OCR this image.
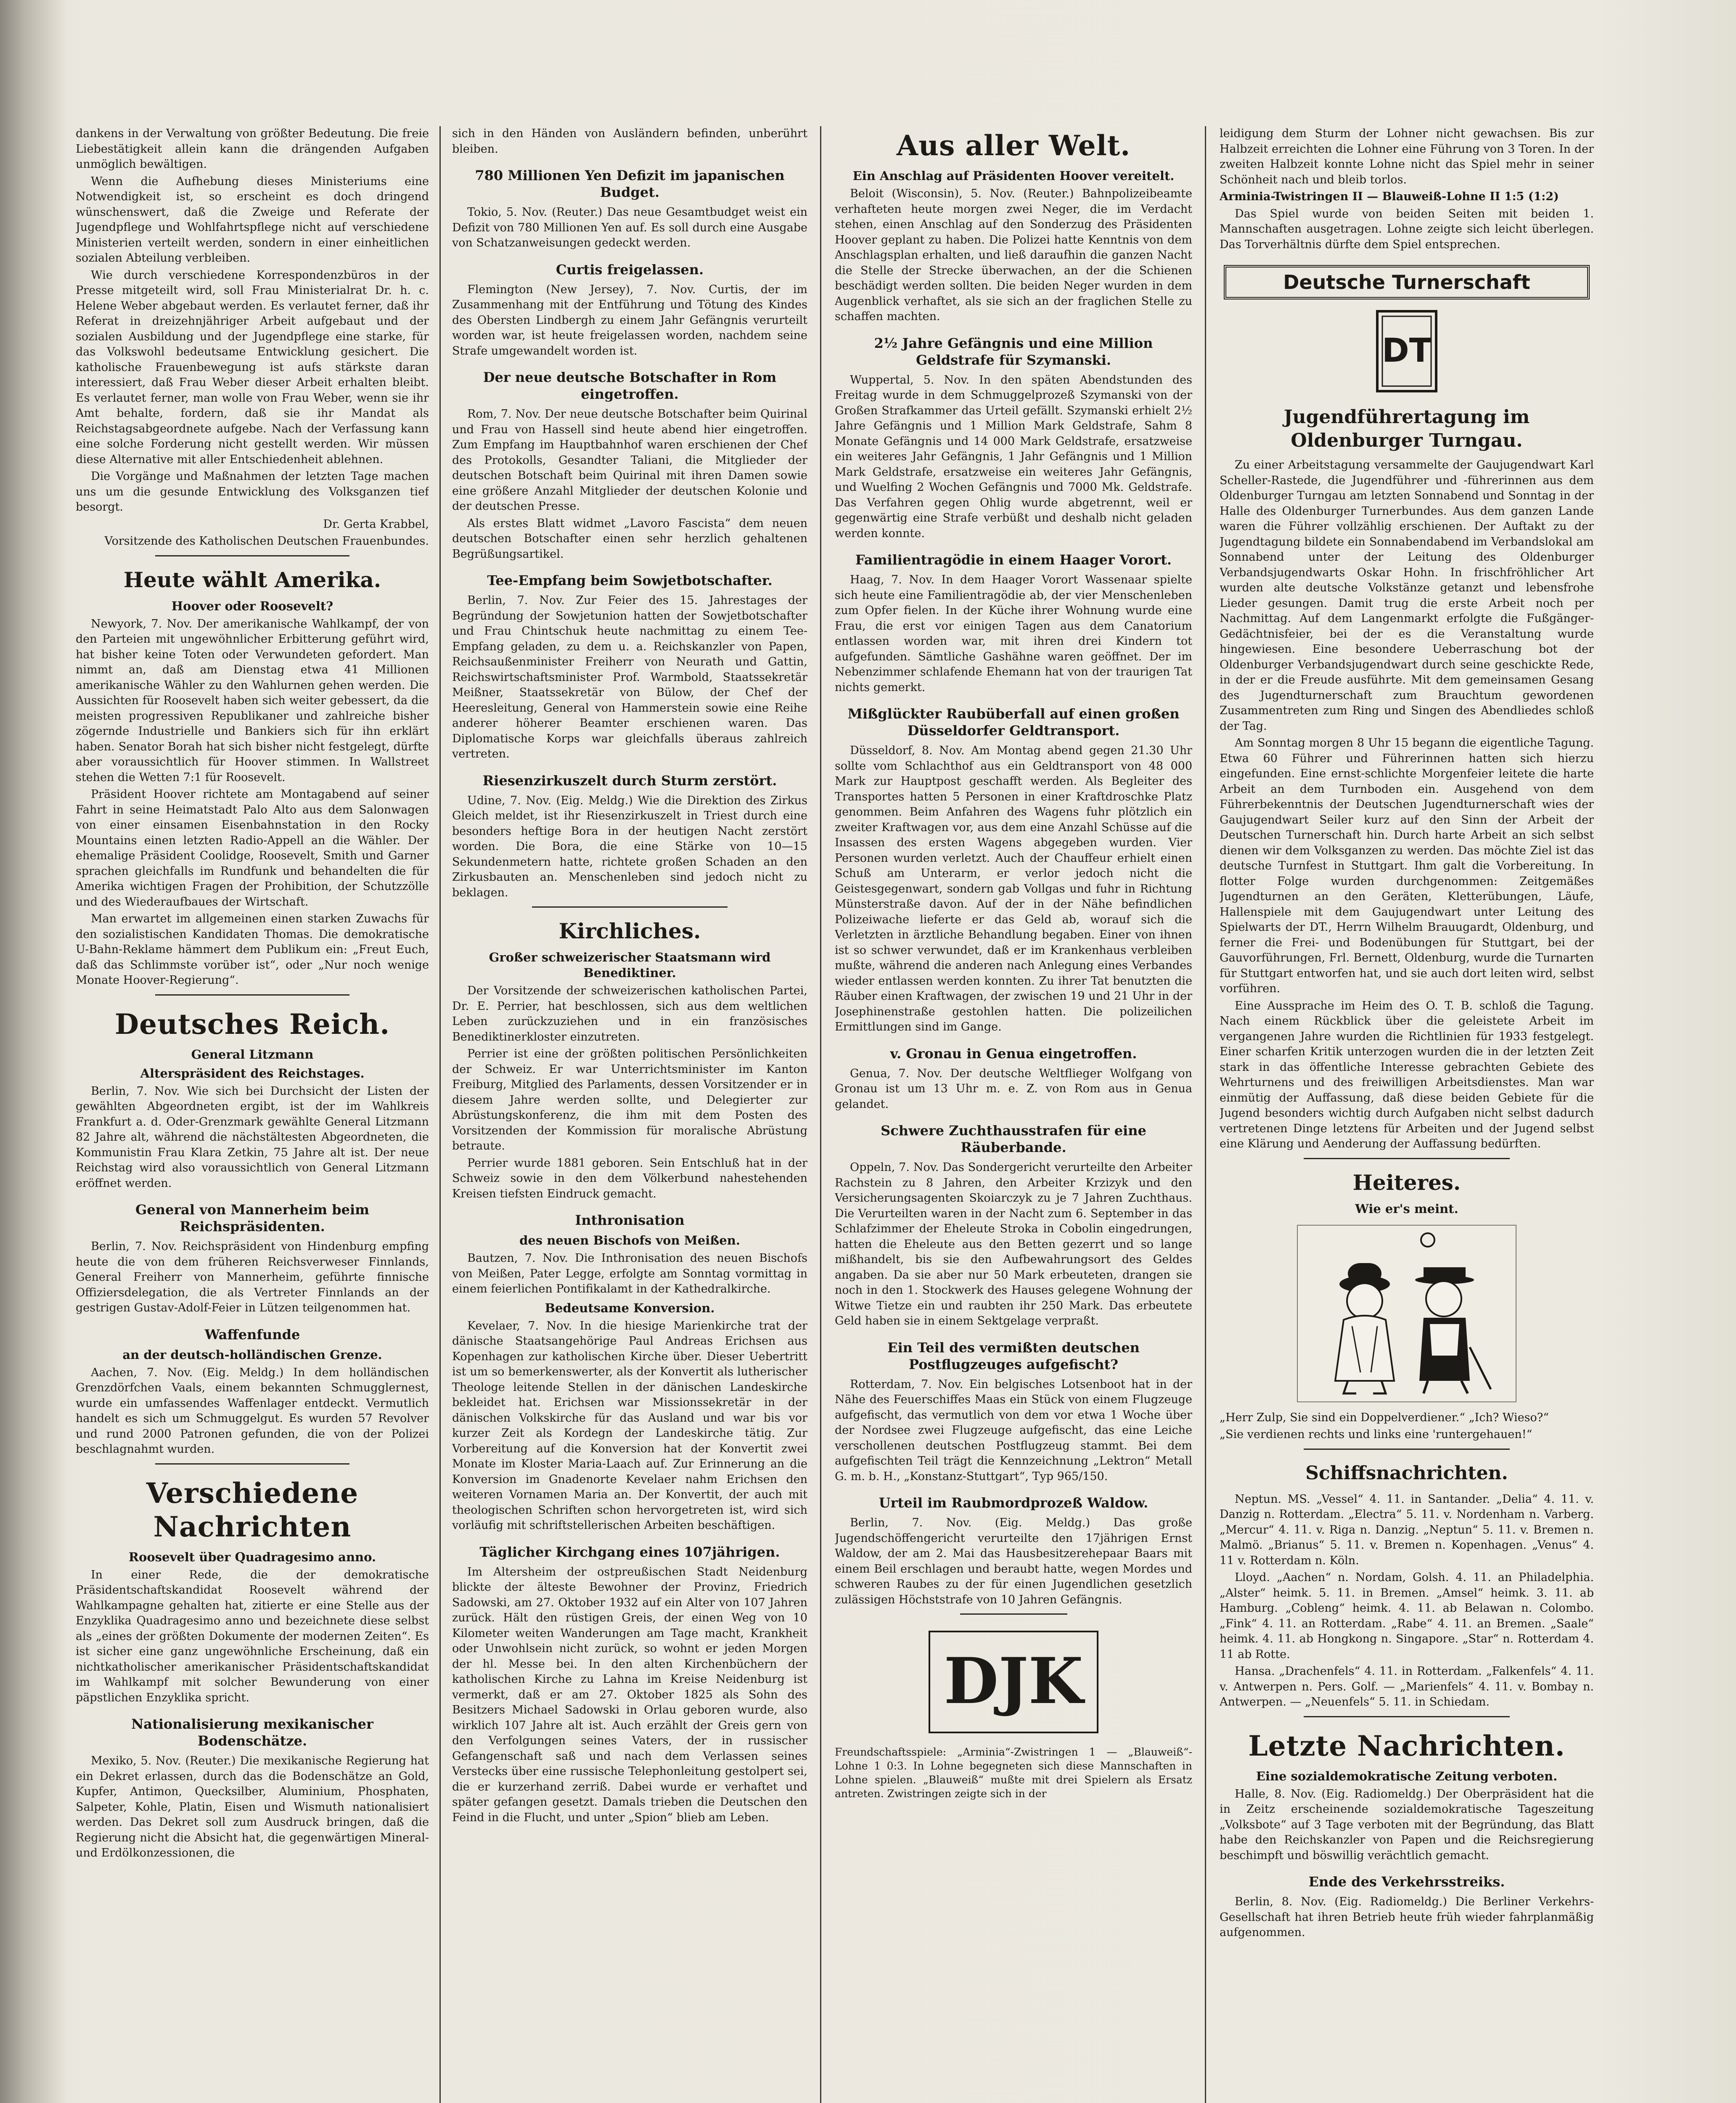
dankens in der Verwaltung von größter Bedeutung. Die freie Liebestätigkeit allein kann die drängenden Aufgaben unmöglich bewältigen.

Wenn die Aufhebung dieses Ministeriums eine Notwendigkeit ist, so erscheint es doch dringend wünschenswert, daß die Zweige und Referate der Jugendpflege und Wohlfahrtspflege nicht auf verschiedene Ministerien verteilt werden, sondern in einer einheitlichen sozialen Abteilung verbleiben.

Wie durch verschiedene Korrespondenzbüros in der Presse mitgeteilt wird, soll Frau Ministerialrat Dr. h. c. Helene Weber abgebaut werden. Es verlautet ferner, daß ihr Referat in dreizehnjähriger Arbeit aufgebaut und der sozialen Ausbildung und der Jugendpflege eine starke, für das Volkswohl bedeutsame Entwicklung gesichert. Die katholische Frauenbewegung ist aufs stärkste daran interessiert, daß Frau Weber dieser Arbeit erhalten bleibt. Es verlautet ferner, man wolle von Frau Weber, wenn sie ihr Amt behalte, fordern, daß sie ihr Mandat als Reichstagsabgeordnete aufgebe. Nach der Verfassung kann eine solche Forderung nicht gestellt werden. Wir müssen diese Alternative mit aller Entschiedenheit ablehnen.

Die Vorgänge und Maßnahmen der letzten Tage machen uns um die gesunde Entwicklung des Volksganzen tief besorgt.

Dr. Gerta Krabbel,

Vorsitzende des Katholischen Deutschen Frauenbundes.

Heute wählt Amerika.
Hoover oder Roosevelt?

Newyork, 7. Nov. Der amerikanische Wahlkampf, der von den Parteien mit ungewöhnlicher Erbitterung geführt wird, hat bisher keine Toten oder Verwundeten gefordert. Man nimmt an, daß am Dienstag etwa 41 Millionen amerikanische Wähler zu den Wahlurnen gehen werden. Die Aussichten für Roosevelt haben sich weiter gebessert, da die meisten progressiven Republikaner und zahlreiche bisher zögernde Industrielle und Bankiers sich für ihn erklärt haben. Senator Borah hat sich bisher nicht festgelegt, dürfte aber voraussichtlich für Hoover stimmen. In Wallstreet stehen die Wetten 7:1 für Roosevelt.

Präsident Hoover richtete am Montagabend auf seiner Fahrt in seine Heimatstadt Palo Alto aus dem Salonwagen von einer einsamen Eisenbahnstation in den Rocky Mountains einen letzten Radio-Appell an die Wähler. Der ehemalige Präsident Coolidge, Roosevelt, Smith und Garner sprachen gleichfalls im Rundfunk und behandelten die für Amerika wichtigen Fragen der Prohibition, der Schutzzölle und des Wiederaufbaues der Wirtschaft.

Man erwartet im allgemeinen einen starken Zuwachs für den sozialistischen Kandidaten Thomas. Die demokratische U-Bahn-Reklame hämmert dem Publikum ein: „Freut Euch, daß das Schlimmste vorüber ist“, oder „Nur noch wenige Monate Hoover-Regierung“.

Deutsches Reich.
General Litzmann
Alterspräsident des Reichstages.

Berlin, 7. Nov. Wie sich bei Durchsicht der Listen der gewählten Abgeordneten ergibt, ist der im Wahlkreis Frankfurt a. d. Oder-Grenzmark gewählte General Litzmann 82 Jahre alt, während die nächstältesten Abgeordneten, die Kommunistin Frau Klara Zetkin, 75 Jahre alt ist. Der neue Reichstag wird also voraussichtlich von General Litzmann eröffnet werden.

General von Mannerheim beim Reichspräsidenten.

Berlin, 7. Nov. Reichspräsident von Hindenburg empfing heute die von dem früheren Reichsverweser Finnlands, General Freiherr von Mannerheim, geführte finnische Offiziersdelegation, die als Vertreter Finnlands an der gestrigen Gustav-Adolf-Feier in Lützen teilgenommen hat.

Waffenfunde
an der deutsch-holländischen Grenze.

Aachen, 7. Nov. (Eig. Meldg.) In dem holländischen Grenzdörfchen Vaals, einem bekannten Schmugglernest, wurde ein umfassendes Waffenlager entdeckt. Vermutlich handelt es sich um Schmuggelgut. Es wurden 57 Revolver und rund 2000 Patronen gefunden, die von der Polizei beschlagnahmt wurden.

Verschiedene Nachrichten
Roosevelt über Quadragesimo anno.

In einer Rede, die der demokratische Präsidentschaftskandidat Roosevelt während der Wahlkampagne gehalten hat, zitierte er eine Stelle aus der Enzyklika Quadragesimo anno und bezeichnete diese selbst als „eines der größten Dokumente der modernen Zeiten“. Es ist sicher eine ganz ungewöhnliche Erscheinung, daß ein nichtkatholischer amerikanischer Präsidentschaftskandidat im Wahlkampf mit solcher Bewunderung von einer päpstlichen Enzyklika spricht.

Nationalisierung mexikanischer Bodenschätze.

Mexiko, 5. Nov. (Reuter.) Die mexikanische Regierung hat ein Dekret erlassen, durch das die Bodenschätze an Gold, Kupfer, Antimon, Quecksilber, Aluminium, Phosphaten, Salpeter, Kohle, Platin, Eisen und Wismuth nationalisiert werden. Das Dekret soll zum Ausdruck bringen, daß die Regierung nicht die Absicht hat, die gegenwärtigen Mineral- und Erdölkonzessionen, die

sich in den Händen von Ausländern befinden, unberührt bleiben.

780 Millionen Yen Defizit im japanischen Budget.

Tokio, 5. Nov. (Reuter.) Das neue Gesamtbudget weist ein Defizit von 780 Millionen Yen auf. Es soll durch eine Ausgabe von Schatzanweisungen gedeckt werden.

Curtis freigelassen.

Flemington (New Jersey), 7. Nov. Curtis, der im Zusammenhang mit der Entführung und Tötung des Kindes des Obersten Lindbergh zu einem Jahr Gefängnis verurteilt worden war, ist heute freigelassen worden, nachdem seine Strafe umgewandelt worden ist.

Der neue deutsche Botschafter in Rom eingetroffen.

Rom, 7. Nov. Der neue deutsche Botschafter beim Quirinal und Frau von Hassell sind heute abend hier eingetroffen. Zum Empfang im Hauptbahnhof waren erschienen der Chef des Protokolls, Gesandter Taliani, die Mitglieder der deutschen Botschaft beim Quirinal mit ihren Damen sowie eine größere Anzahl Mitglieder der deutschen Kolonie und der deutschen Presse.

Als erstes Blatt widmet „Lavoro Fascista“ dem neuen deutschen Botschafter einen sehr herzlich gehaltenen Begrüßungsartikel.

Tee-Empfang beim Sowjetbotschafter.

Berlin, 7. Nov. Zur Feier des 15. Jahrestages der Begründung der Sowjetunion hatten der Sowjetbotschafter und Frau Chintschuk heute nachmittag zu einem Tee-Empfang geladen, zu dem u. a. Reichskanzler von Papen, Reichsaußenminister Freiherr von Neurath und Gattin, Reichswirtschaftsminister Prof. Warmbold, Staatssekretär Meißner, Staatssekretär von Bülow, der Chef der Heeresleitung, General von Hammerstein sowie eine Reihe anderer höherer Beamter erschienen waren. Das Diplomatische Korps war gleichfalls überaus zahlreich vertreten.

Riesenzirkuszelt durch Sturm zerstört.

Udine, 7. Nov. (Eig. Meldg.) Wie die Direktion des Zirkus Gleich meldet, ist ihr Riesenzirkuszelt in Triest durch eine besonders heftige Bora in der heutigen Nacht zerstört worden. Die Bora, die eine Stärke von 10—15 Sekundenmetern hatte, richtete großen Schaden an den Zirkusbauten an. Menschenleben sind jedoch nicht zu beklagen.

Kirchliches.
Großer schweizerischer Staatsmann wird Benediktiner.

Der Vorsitzende der schweizerischen katholischen Partei, Dr. E. Perrier, hat beschlossen, sich aus dem weltlichen Leben zurückzuziehen und in ein französisches Benediktinerkloster einzutreten.

Perrier ist eine der größten politischen Persönlichkeiten der Schweiz. Er war Unterrichtsminister im Kanton Freiburg, Mitglied des Parlaments, dessen Vorsitzender er in diesem Jahre werden sollte, und Delegierter zur Abrüstungskonferenz, die ihm mit dem Posten des Vorsitzenden der Kommission für moralische Abrüstung betraute.

Perrier wurde 1881 geboren. Sein Entschluß hat in der Schweiz sowie in den dem Völkerbund nahestehenden Kreisen tiefsten Eindruck gemacht.

Inthronisation
des neuen Bischofs von Meißen.

Bautzen, 7. Nov. Die Inthronisation des neuen Bischofs von Meißen, Pater Legge, erfolgte am Sonntag vormittag in einem feierlichen Pontifikalamt in der Kathedralkirche.

Bedeutsame Konversion.

Kevelaer, 7. Nov. In die hiesige Marienkirche trat der dänische Staatsangehörige Paul Andreas Erichsen aus Kopenhagen zur katholischen Kirche über. Dieser Uebertritt ist um so bemerkenswerter, als der Konvertit als lutherischer Theologe leitende Stellen in der dänischen Landeskirche bekleidet hat. Erichsen war Missionssekretär in der dänischen Volkskirche für das Ausland und war bis vor kurzer Zeit als Kordegn der Landeskirche tätig. Zur Vorbereitung auf die Konversion hat der Konvertit zwei Monate im Kloster Maria-Laach auf. Zur Erinnerung an die Konversion im Gnadenorte Kevelaer nahm Erichsen den weiteren Vornamen Maria an. Der Konvertit, der auch mit theologischen Schriften schon hervorgetreten ist, wird sich vorläufig mit schriftstellerischen Arbeiten beschäftigen.

Täglicher Kirchgang eines 107jährigen.

Im Altersheim der ostpreußischen Stadt Neidenburg blickte der älteste Bewohner der Provinz, Friedrich Sadowski, am 27. Oktober 1932 auf ein Alter von 107 Jahren zurück. Hält den rüstigen Greis, der einen Weg von 10 Kilometer weiten Wanderungen am Tage macht, Krankheit oder Unwohlsein nicht zurück, so wohnt er jeden Morgen der hl. Messe bei. In den alten Kirchenbüchern der katholischen Kirche zu Lahna im Kreise Neidenburg ist vermerkt, daß er am 27. Oktober 1825 als Sohn des Besitzers Michael Sadowski in Orlau geboren wurde, also wirklich 107 Jahre alt ist. Auch erzählt der Greis gern von den Verfolgungen seines Vaters, der in russischer Gefangenschaft saß und nach dem Verlassen seines Verstecks über eine russische Telephonleitung gestolpert sei, die er kurzerhand zerriß. Dabei wurde er verhaftet und später gefangen gesetzt. Damals trieben die Deutschen den Feind in die Flucht, und unter „Spion“ blieb am Leben.

Aus aller Welt.
Ein Anschlag auf Präsidenten Hoover vereitelt.

Beloit (Wisconsin), 5. Nov. (Reuter.) Bahnpolizeibeamte verhafteten heute morgen zwei Neger, die im Verdacht stehen, einen Anschlag auf den Sonderzug des Präsidenten Hoover geplant zu haben. Die Polizei hatte Kenntnis von dem Anschlagsplan erhalten, und ließ daraufhin die ganzen Nacht die Stelle der Strecke überwachen, an der die Schienen beschädigt werden sollten. Die beiden Neger wurden in dem Augenblick verhaftet, als sie sich an der fraglichen Stelle zu schaffen machten.

2½ Jahre Gefängnis und eine Million Geldstrafe für Szymanski.

Wuppertal, 5. Nov. In den späten Abendstunden des Freitag wurde in dem Schmuggelprozeß Szymanski von der Großen Strafkammer das Urteil gefällt. Szymanski erhielt 2½ Jahre Gefängnis und 1 Million Mark Geldstrafe, Sahm 8 Monate Gefängnis und 14 000 Mark Geldstrafe, ersatzweise ein weiteres Jahr Gefängnis, 1 Jahr Gefängnis und 1 Million Mark Geldstrafe, ersatzweise ein weiteres Jahr Gefängnis, und Wuelfing 2 Wochen Gefängnis und 7000 Mk. Geldstrafe. Das Verfahren gegen Ohlig wurde abgetrennt, weil er gegenwärtig eine Strafe verbüßt und deshalb nicht geladen werden konnte.

Familientragödie in einem Haager Vorort.

Haag, 7. Nov. In dem Haager Vorort Wassenaar spielte sich heute eine Familientragödie ab, der vier Menschenleben zum Opfer fielen. In der Küche ihrer Wohnung wurde eine Frau, die erst vor einigen Tagen aus dem Canatorium entlassen worden war, mit ihren drei Kindern tot aufgefunden. Sämtliche Gashähne waren geöffnet. Der im Nebenzimmer schlafende Ehemann hat von der traurigen Tat nichts gemerkt.

Mißglückter Raubüberfall auf einen großen Düsseldorfer Geldtransport.

Düsseldorf, 8. Nov. Am Montag abend gegen 21.30 Uhr sollte vom Schlachthof aus ein Geldtransport von 48 000 Mark zur Hauptpost geschafft werden. Als Begleiter des Transportes hatten 5 Personen in einer Kraftdroschke Platz genommen. Beim Anfahren des Wagens fuhr plötzlich ein zweiter Kraftwagen vor, aus dem eine Anzahl Schüsse auf die Insassen des ersten Wagens abgegeben wurden. Vier Personen wurden verletzt. Auch der Chauffeur erhielt einen Schuß am Unterarm, er verlor jedoch nicht die Geistesgegenwart, sondern gab Vollgas und fuhr in Richtung Münsterstraße davon. Auf der in der Nähe befindlichen Polizeiwache lieferte er das Geld ab, worauf sich die Verletzten in ärztliche Behandlung begaben. Einer von ihnen ist so schwer verwundet, daß er im Krankenhaus verbleiben mußte, während die anderen nach Anlegung eines Verbandes wieder entlassen werden konnten. Zu ihrer Tat benutzten die Räuber einen Kraftwagen, der zwischen 19 und 21 Uhr in der Josephinenstraße gestohlen hatten. Die polizeilichen Ermittlungen sind im Gange.

v. Gronau in Genua eingetroffen.

Genua, 7. Nov. Der deutsche Weltflieger Wolfgang von Gronau ist um 13 Uhr m. e. Z. von Rom aus in Genua gelandet.

Schwere Zuchthausstrafen für eine Räuberbande.

Oppeln, 7. Nov. Das Sondergericht verurteilte den Arbeiter Rachstein zu 8 Jahren, den Arbeiter Krzizyk und den Versicherungsagenten Skoiarczyk zu je 7 Jahren Zuchthaus. Die Verurteilten waren in der Nacht zum 6. September in das Schlafzimmer der Eheleute Stroka in Cobolin eingedrungen, hatten die Eheleute aus den Betten gezerrt und so lange mißhandelt, bis sie den Aufbewahrungsort des Geldes angaben. Da sie aber nur 50 Mark erbeuteten, drangen sie noch in den 1. Stockwerk des Hauses gelegene Wohnung der Witwe Tietze ein und raubten ihr 250 Mark. Das erbeutete Geld haben sie in einem Sektgelage verpraßt.

Ein Teil des vermißten deutschen Postflugzeuges aufgefischt?

Rotterdam, 7. Nov. Ein belgisches Lotsenboot hat in der Nähe des Feuerschiffes Maas ein Stück von einem Flugzeuge aufgefischt, das vermutlich von dem vor etwa 1 Woche über der Nordsee zwei Flugzeuge aufgefischt, das eine Leiche verschollenen deutschen Postflugzeug stammt. Bei dem aufgefischten Teil trägt die Kennzeichnung „Lektron“ Metall G. m. b. H., „Konstanz-Stuttgart“, Typ 965/150.

Urteil im Raubmordprozeß Waldow.

Berlin, 7. Nov. (Eig. Meldg.) Das große Jugendschöffengericht verurteilte den 17jährigen Ernst Waldow, der am 2. Mai das Hausbesitzerehepaar Baars mit einem Beil erschlagen und beraubt hatte, wegen Mordes und schweren Raubes zu der für einen Jugendlichen gesetzlich zulässigen Höchststrafe von 10 Jahren Gefängnis.

DJK

Freundschaftsspiele: „Arminia“-Zwistringen 1 — „Blauweiß“-Lohne 1 0:3. In Lohne begegneten sich diese Mannschaften in Lohne spielen. „Blauweiß“ mußte mit drei Spielern als Ersatz antreten. Zwistringen zeigte sich in der

leidigung dem Sturm der Lohner nicht gewachsen. Bis zur Halbzeit erreichten die Lohner eine Führung von 3 Toren. In der zweiten Halbzeit konnte Lohne nicht das Spiel mehr in seiner Schönheit nach und bleib torlos.

Arminia-Twistringen II — Blauweiß-Lohne II 1:5 (1:2)

Das Spiel wurde von beiden Seiten mit beiden 1. Mannschaften ausgetragen. Lohne zeigte sich leicht überlegen. Das Torverhältnis dürfte dem Spiel entsprechen.

Deutsche Turnerschaft
DT
Jugendführertagung im Oldenburger Turngau.

Zu einer Arbeitstagung versammelte der Gaujugendwart Karl Scheller-Rastede, die Jugendführer und -führerinnen aus dem Oldenburger Turngau am letzten Sonnabend und Sonntag in der Halle des Oldenburger Turnerbundes. Aus dem ganzen Lande waren die Führer vollzählig erschienen. Der Auftakt zu der Jugendtagung bildete ein Sonnabendabend im Verbandslokal am Sonnabend unter der Leitung des Oldenburger Verbandsjugendwarts Oskar Hohn. In frischfröhlicher Art wurden alte deutsche Volkstänze getanzt und lebensfrohe Lieder gesungen. Damit trug die erste Arbeit noch per Nachmittag. Auf dem Langenmarkt erfolgte die Fußgänger-Gedächtnisfeier, bei der es die Veranstaltung wurde hingewiesen. Eine besondere Ueberraschung bot der Oldenburger Verbandsjugendwart durch seine geschickte Rede, in der er die Freude ausführte. Mit dem gemeinsamen Gesang des Jugendturnerschaft zum Brauchtum gewordenen Zusammentreten zum Ring und Singen des Abendliedes schloß der Tag.

Am Sonntag morgen 8 Uhr 15 begann die eigentliche Tagung. Etwa 60 Führer und Führerinnen hatten sich hierzu eingefunden. Eine ernst-schlichte Morgenfeier leitete die harte Arbeit an dem Turnboden ein. Ausgehend von dem Führerbekenntnis der Deutschen Jugendturnerschaft wies der Gaujugendwart Seiler kurz auf den Sinn der Arbeit der Deutschen Turnerschaft hin. Durch harte Arbeit an sich selbst dienen wir dem Volksganzen zu werden. Das möchte Ziel ist das deutsche Turnfest in Stuttgart. Ihm galt die Vorbereitung. In flotter Folge wurden durchgenommen: Zeitgemäßes Jugendturnen an den Geräten, Kletterübungen, Läufe, Hallenspiele mit dem Gaujugendwart unter Leitung des Spielwarts der DT., Herrn Wilhelm Brauugardt, Oldenburg, und ferner die Frei- und Bodenübungen für Stuttgart, bei der Gauvorführungen, Frl. Bernett, Oldenburg, wurde die Turnarten für Stuttgart entworfen hat, und sie auch dort leiten wird, selbst vorführen.

Eine Aussprache im Heim des O. T. B. schloß die Tagung. Nach einem Rückblick über die geleistete Arbeit im vergangenen Jahre wurden die Richtlinien für 1933 festgelegt. Einer scharfen Kritik unterzogen wurden die in der letzten Zeit stark in das öffentliche Interesse gebrachten Gebiete des Wehrturnens und des freiwilligen Arbeitsdienstes. Man war einmütig der Auffassung, daß diese beiden Gebiete für die Jugend besonders wichtig durch Aufgaben nicht selbst dadurch vertretenen Dinge letztens für Arbeiten und der Jugend selbst eine Klärung und Aenderung der Auffassung bedürften.

Heiteres.
Wie er's meint.

„Herr Zulp, Sie sind ein Doppelverdiener.“ „Ich? Wieso?“

„Sie verdienen rechts und links eine 'runtergehauen!“

Schiffsnachrichten.

Neptun. MS. „Vessel“ 4. 11. in Santander. „Delia“ 4. 11. v. Danzig n. Rotterdam. „Electra“ 5. 11. v. Nordenham n. Varberg. „Mercur“ 4. 11. v. Riga n. Danzig. „Neptun“ 5. 11. v. Bremen n. Malmö. „Brianus“ 5. 11. v. Bremen n. Kopenhagen. „Venus“ 4. 11 v. Rotterdam n. Köln.

Lloyd. „Aachen“ n. Nordam, Golsh. 4. 11. an Philadelphia. „Alster“ heimk. 5. 11. in Bremen. „Amsel“ heimk. 3. 11. ab Hamburg. „Cobleng“ heimk. 4. 11. ab Belawan n. Colombo. „Fink“ 4. 11. an Rotterdam. „Rabe“ 4. 11. an Bremen. „Saale“ heimk. 4. 11. ab Hongkong n. Singapore. „Star“ n. Rotterdam 4. 11 ab Rotte.

Hansa. „Drachenfels“ 4. 11. in Rotterdam. „Falkenfels“ 4. 11. v. Antwerpen n. Pers. Golf. — „Marienfels“ 4. 11. v. Bombay n. Antwerpen. — „Neuenfels“ 5. 11. in Schiedam.

Letzte Nachrichten.
Eine sozialdemokratische Zeitung verboten.

Halle, 8. Nov. (Eig. Radiomeldg.) Der Oberpräsident hat die in Zeitz erscheinende sozialdemokratische Tageszeitung „Volksbote“ auf 3 Tage verboten mit der Begründung, das Blatt habe den Reichskanzler von Papen und die Reichsregierung beschimpft und böswillig verächtlich gemacht.

Ende des Verkehrsstreiks.

Berlin, 8. Nov. (Eig. Radiomeldg.) Die Berliner Verkehrs-Gesellschaft hat ihren Betrieb heute früh wieder fahrplanmäßig aufgenommen.
